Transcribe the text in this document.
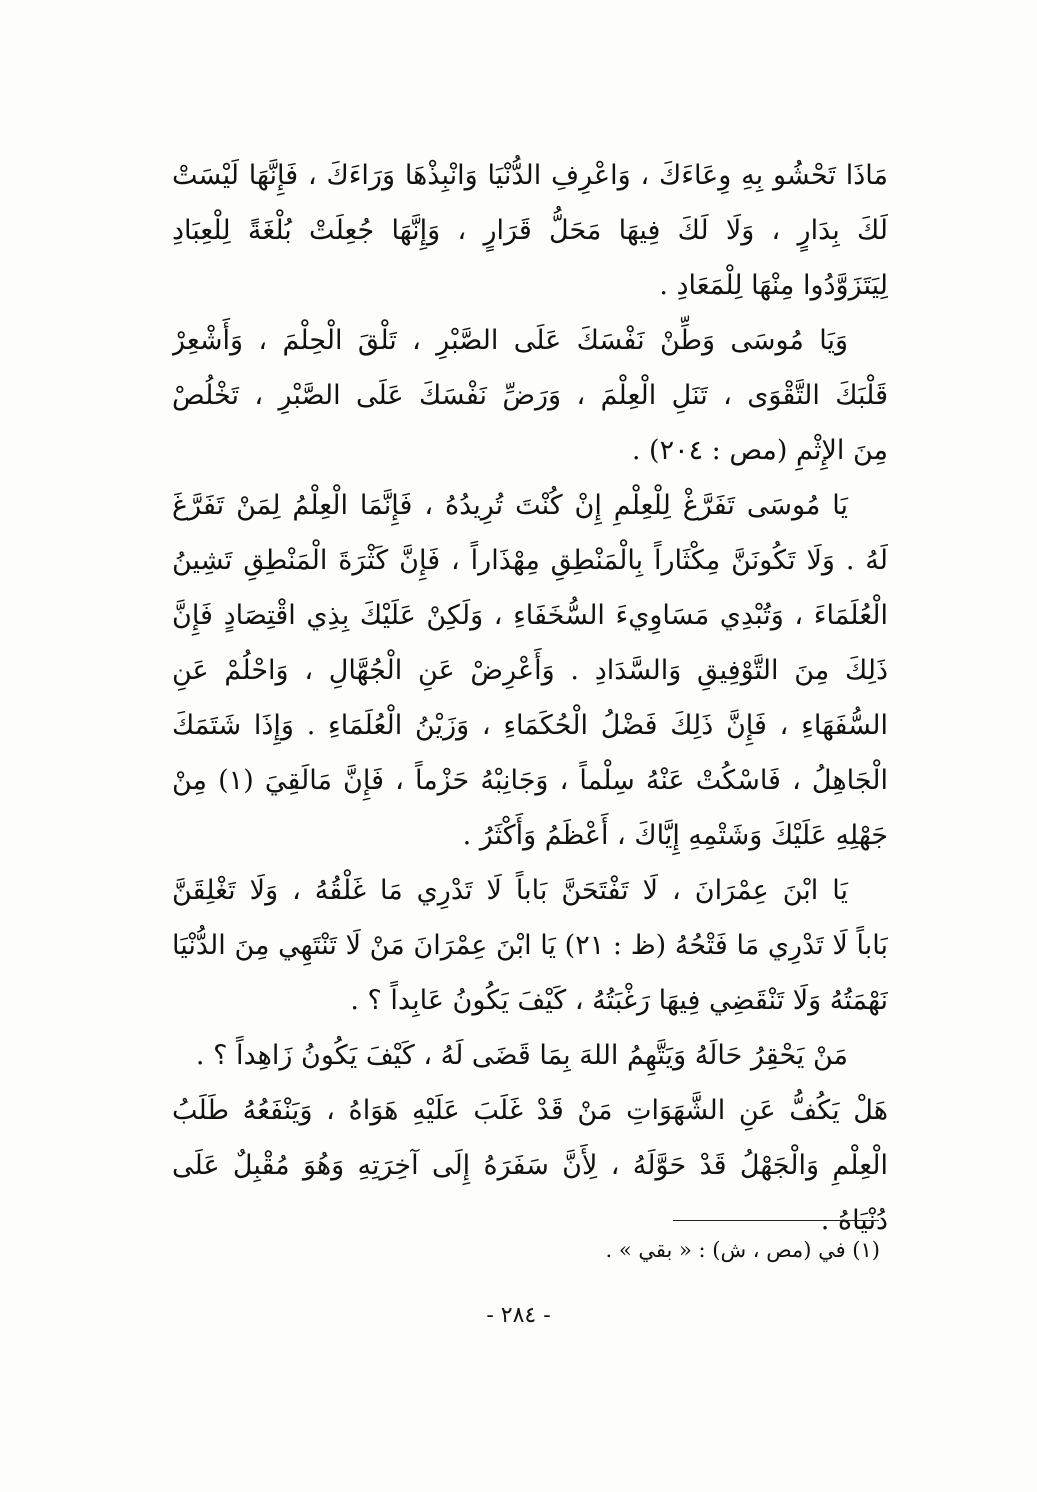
مَاذَا تَحْشُو بِهِ وِعَاءَكَ ، وَاعْرِفِ الدُّنْيَا وَانْبِذْهَا وَرَاءَكَ ، فَإِنَّهَا لَيْسَتْ
لَكَ بِدَارٍ ، وَلَا لَكَ فِيهَا مَحَلُّ قَرَارٍ ، وَإِنَّهَا جُعِلَتْ بُلْغَةً لِلْعِبَادِ
لِيَتَزَوَّدُوا مِنْهَا لِلْمَعَادِ .
وَيَا مُوسَى وَطِّنْ نَفْسَكَ عَلَى الصَّبْرِ ، تَلْقَ الْحِلْمَ ، وَأَشْعِرْ
قَلْبَكَ التَّقْوَى ، تَنَلِ الْعِلْمَ ، وَرَضِّ نَفْسَكَ عَلَى الصَّبْرِ ، تَخْلُصْ
مِنَ الإِثْمِ (مص : ٢٠٤) .
يَا مُوسَى تَفَرَّغْ لِلْعِلْمِ إِنْ كُنْتَ تُرِيدُهُ ، فَإِنَّمَا الْعِلْمُ لِمَنْ تَفَرَّغَ
لَهُ . وَلَا تَكُونَنَّ مِكْثَاراً بِالْمَنْطِقِ مِهْذَاراً ، فَإِنَّ كَثْرَةَ الْمَنْطِقِ تَشِينُ
الْعُلَمَاءَ ، وَتُبْدِي مَسَاوِيءَ السُّخَفَاءِ ، وَلَكِنْ عَلَيْكَ بِذِي اقْتِصَادٍ فَإِنَّ
ذَلِكَ مِنَ التَّوْفِيقِ وَالسَّدَادِ . وَأَعْرِضْ عَنِ الْجُهَّالِ ، وَاحْلُمْ عَنِ
السُّفَهَاءِ ، فَإِنَّ ذَلِكَ فَضْلُ الْحُكَمَاءِ ، وَزَيْنُ الْعُلَمَاءِ . وَإِذَا شَتَمَكَ
الْجَاهِلُ ، فَاسْكُتْ عَنْهُ سِلْماً ، وَجَانِبْهُ حَزْماً ، فَإِنَّ مَالَقِيَ (١) مِنْ
جَهْلِهِ عَلَيْكَ وَشَتْمِهِ إِيَّاكَ ، أَعْظَمُ وَأَكْثَرُ .
يَا ابْنَ عِمْرَانَ ، لَا تَفْتَحَنَّ بَاباً لَا تَدْرِي مَا غَلْقُهُ ، وَلَا تَغْلِقَنَّ
بَاباً لَا تَدْرِي مَا فَتْحُهُ (ظ : ٢١) يَا ابْنَ عِمْرَانَ مَنْ لَا تَنْتَهِي مِنَ الدُّنْيَا
نَهْمَتُهُ وَلَا تَنْقَضِي فِيهَا رَغْبَتُهُ ، كَيْفَ يَكُونُ عَابِداً ؟ .
مَنْ يَحْقِرُ حَالَهُ وَيَتَّهِمُ اللهَ بِمَا قَضَى لَهُ ، كَيْفَ يَكُونُ زَاهِداً ؟ .
هَلْ يَكُفُّ عَنِ الشَّهَوَاتِ مَنْ قَدْ غَلَبَ عَلَيْهِ هَوَاهُ ، وَيَنْفَعُهُ طَلَبُ
الْعِلْمِ وَالْجَهْلُ قَدْ حَوَّلَهُ ، لِأَنَّ سَفَرَهُ إِلَى آخِرَتِهِ وَهُوَ مُقْبِلٌ عَلَى
دُنْيَاهُ .
(١) في (مص ، ش) : « بقي » .
- ٢٨٤ -
